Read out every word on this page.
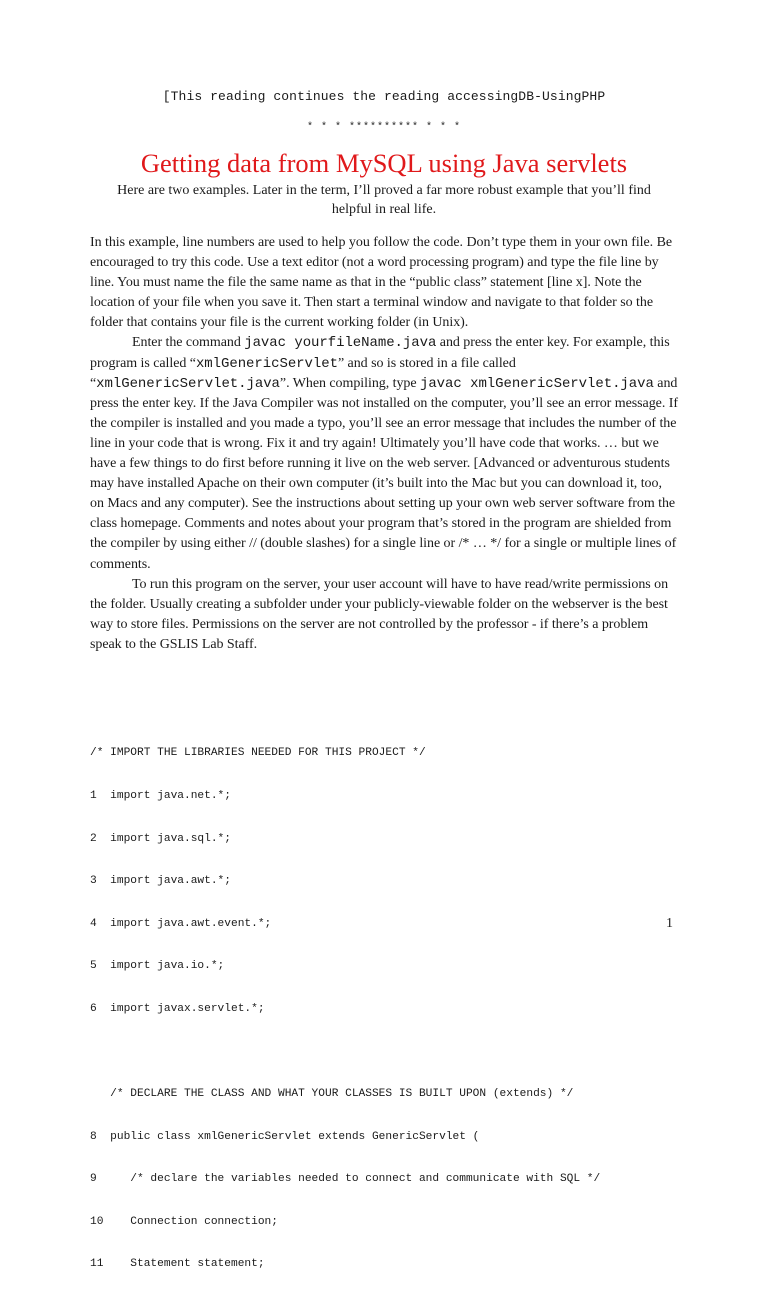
[This reading continues the reading accessingDB-UsingPHP
* * * ********** * * *
Getting data from MySQL using Java servlets
Here are two examples. Later in the term, I’ll proved a far more robust example that you’ll find helpful in real life.

In this example, line numbers are used to help you follow the code. Don’t type them in your own file. Be encouraged to try this code. Use a text editor (not a word processing program) and type the file line by line. You must name the file the same name as that in the “public class” statement [line x]. Note the location of your file when you save it. Then start a terminal window and navigate to that folder so the folder that contains your file is the current working folder (in Unix).

Enter the command javac yourfileName.java and press the enter key. For example, this program is called “xmlGenericServlet” and so is stored in a file called “xmlGenericServlet.java”. When compiling, type javac xmlGenericServlet.java and press the enter key. If the Java Compiler was not installed on the computer, you’ll see an error message. If the compiler is installed and you made a typo, you’ll see an error message that includes the number of the line in your code that is wrong. Fix it and try again! Ultimately you’ll have code that works. … but we have a few things to do first before running it live on the web server. [Advanced or adventurous students may have installed Apache on their own computer (it’s built into the Mac but you can download it, too, on Macs and any computer). See the instructions about setting up your own web server software from the class homepage. Comments and notes about your program that’s stored in the program are shielded from the compiler by using either // (double slashes) for a single line or /* … */ for a single or multiple lines of comments.

To run this program on the server, your user account will have to have read/write permissions on the folder. Usually creating a subfolder under your publicly-viewable folder on the webserver is the best way to store files. Permissions on the server are not controlled by the professor - if there’s a problem speak to the GSLIS Lab Staff.

/* IMPORT THE LIBRARIES NEEDED FOR THIS PROJECT */

1  import java.net.*;

2  import java.sql.*;

3  import java.awt.*;

4  import java.awt.event.*;

5  import java.io.*;

6  import javax.servlet.*;

/* DECLARE THE CLASS AND WHAT YOUR CLASSES IS BUILT UPON (extends) */

8  public class xmlGenericServlet extends GenericServlet (

9     /* declare the variables needed to connect and communicate with SQL */

10    Connection connection;

11    Statement statement;

1
